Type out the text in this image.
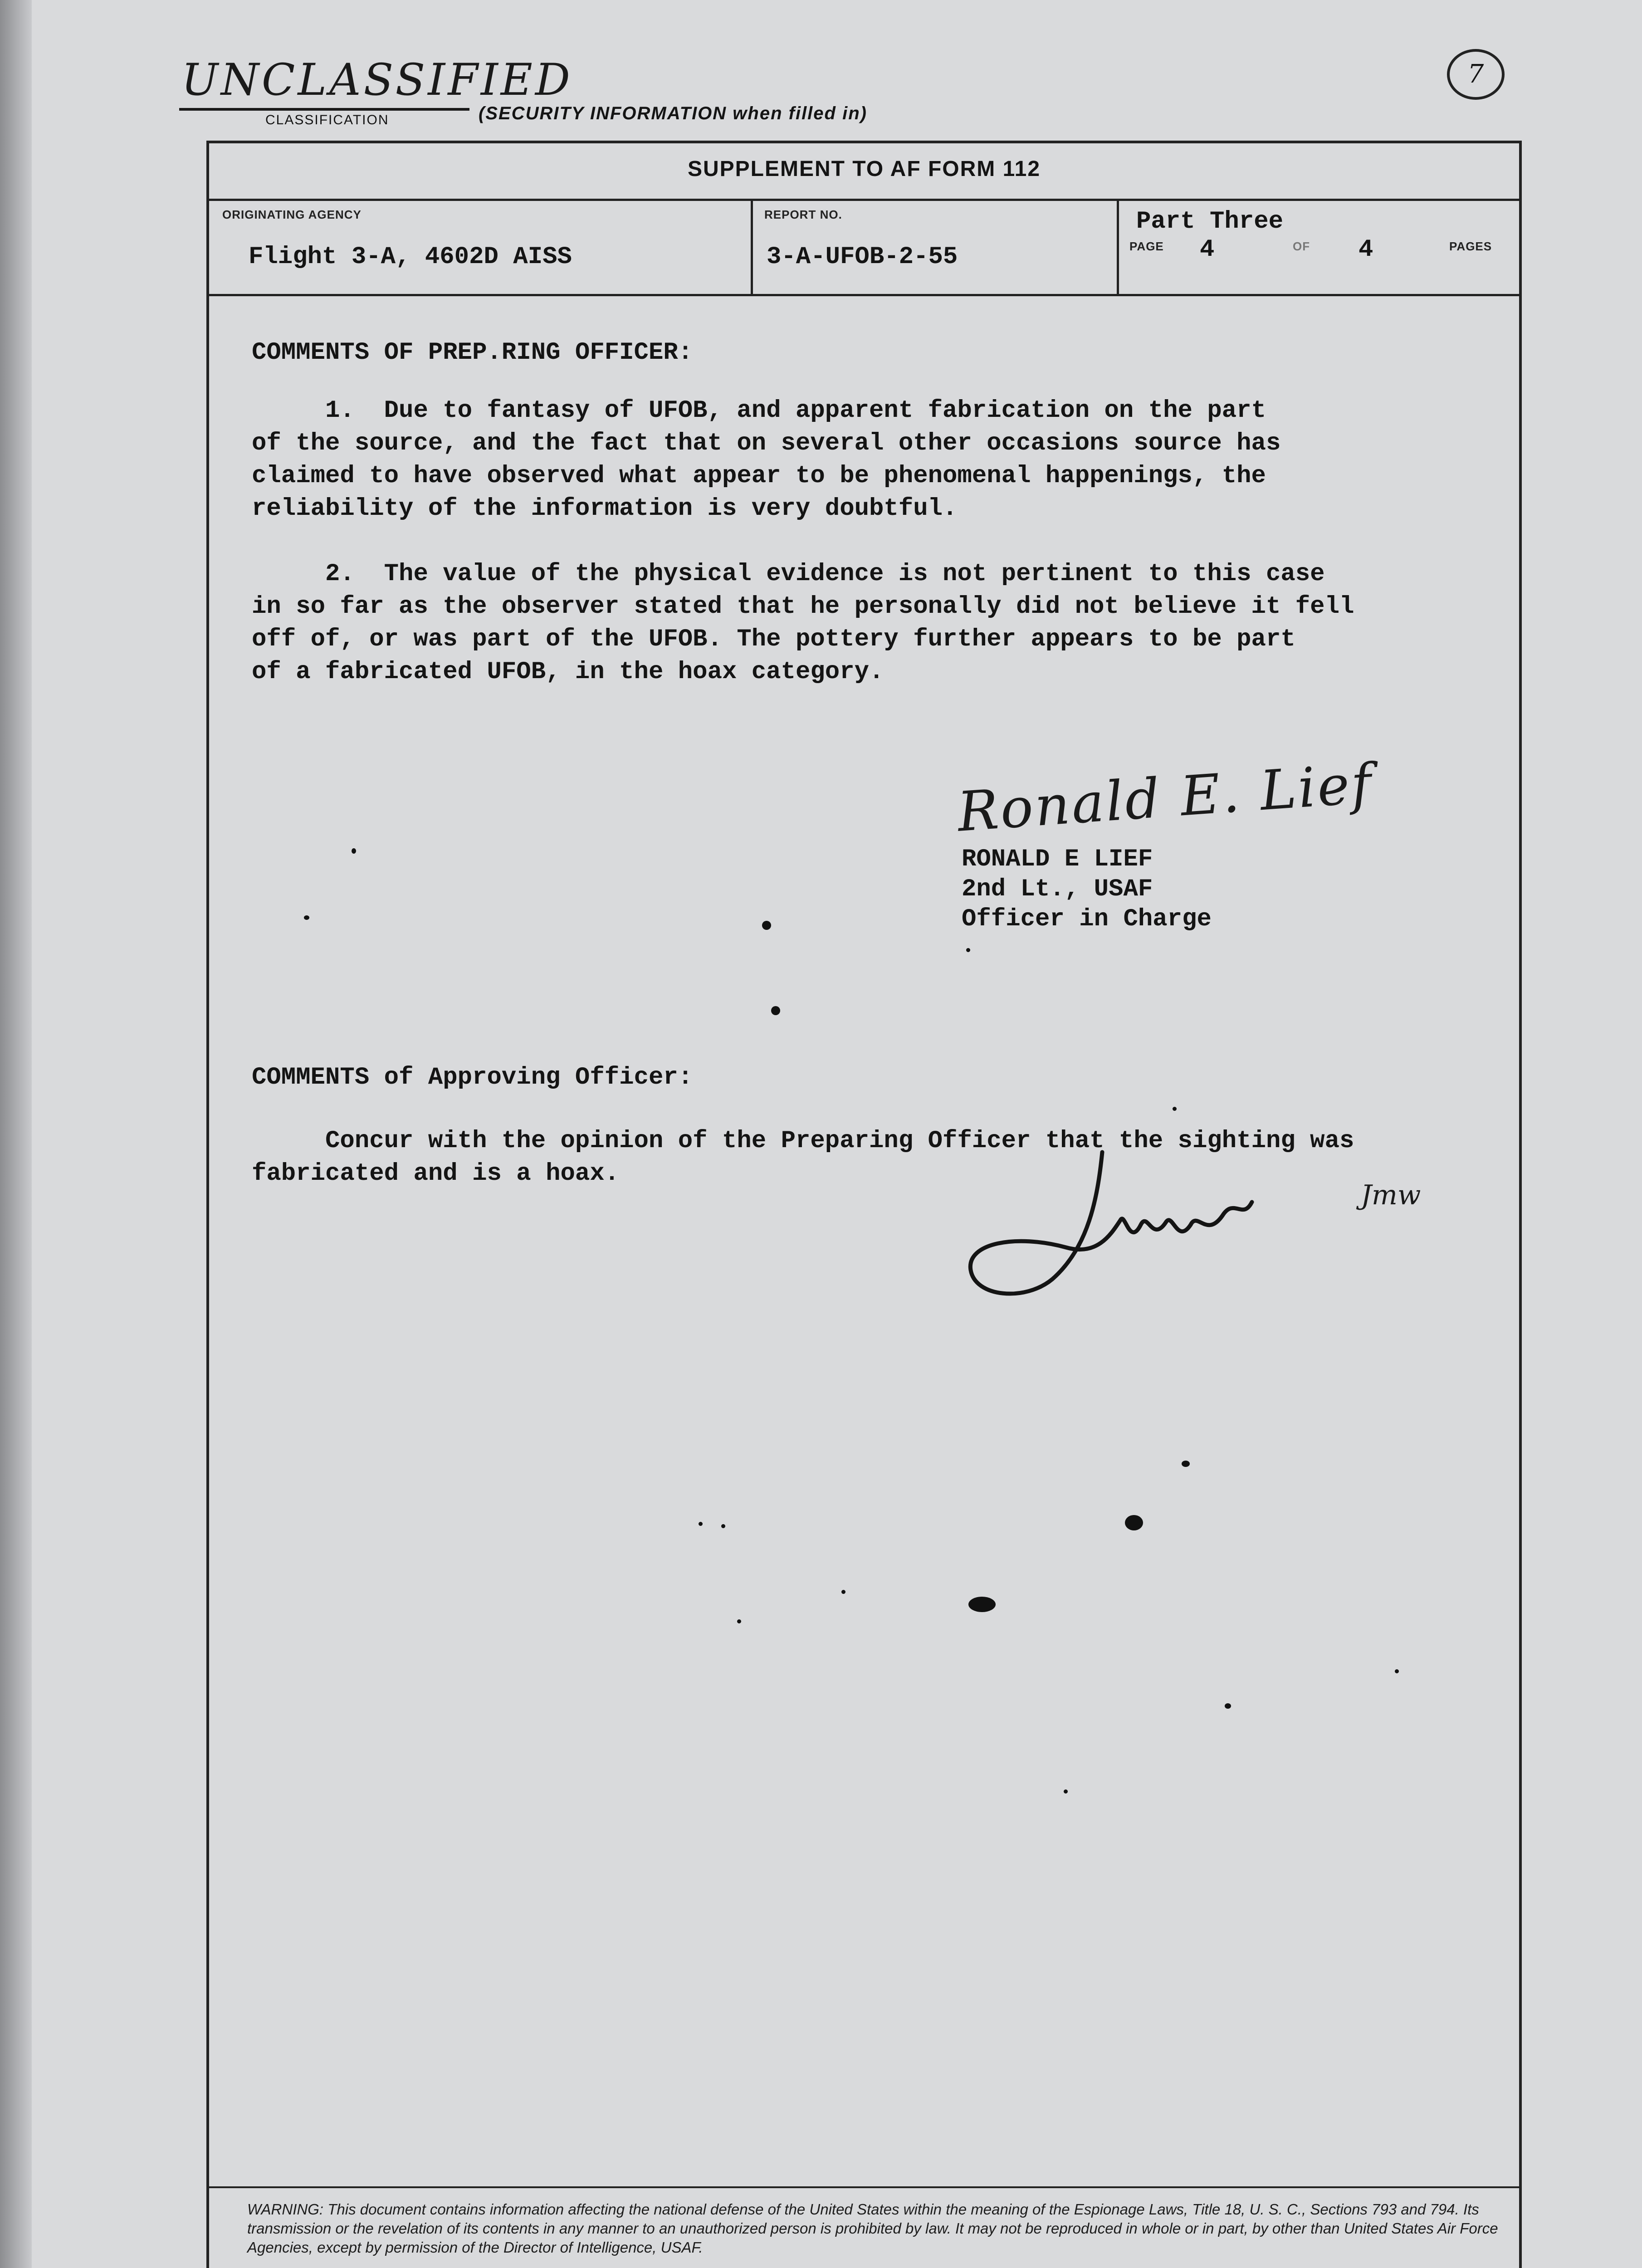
UNCLASSIFIED
CLASSIFICATION	(SECURITY INFORMATION when filled in)
7
SUPPLEMENT TO AF FORM 112
ORIGINATING AGENCY
Flight 3-A, 4602D AISS
REPORT NO.
3-A-UFOB-2-55
Part Three
PAGE 4	OF 4	PAGES
COMMENTS OF PREP.RING OFFICER:
1.  Due to fantasy of UFOB, and apparent fabrication on the part
of the source, and the fact that on several other occasions source has
claimed to have observed what appear to be phenomenal happenings, the
reliability of the information is very doubtful.
2.  The value of the physical evidence is not pertinent to this case
in so far as the observer stated that he personally did not believe it fell
off of, or was part of the UFOB. The pottery further appears to be part
of a fabricated UFOB, in the hoax category.
Ronald E. Lief
RONALD E LIEF
2nd Lt., USAF
Officer in Charge
COMMENTS of Approving Officer:
Concur with the opinion of the Preparing Officer that the sighting was
fabricated and is a hoax.
Jmw
WARNING: This document contains information affecting the national defense of the United States within the meaning of the Espionage Laws, Title 18, U. S. C., Sections 793 and 794. Its transmission or the revelation of its contents in any manner to an unauthorized person is prohibited by law. It may not be reproduced in whole or in part, by other than United States Air Force Agencies, except by permission of the Director of Intelligence, USAF.
